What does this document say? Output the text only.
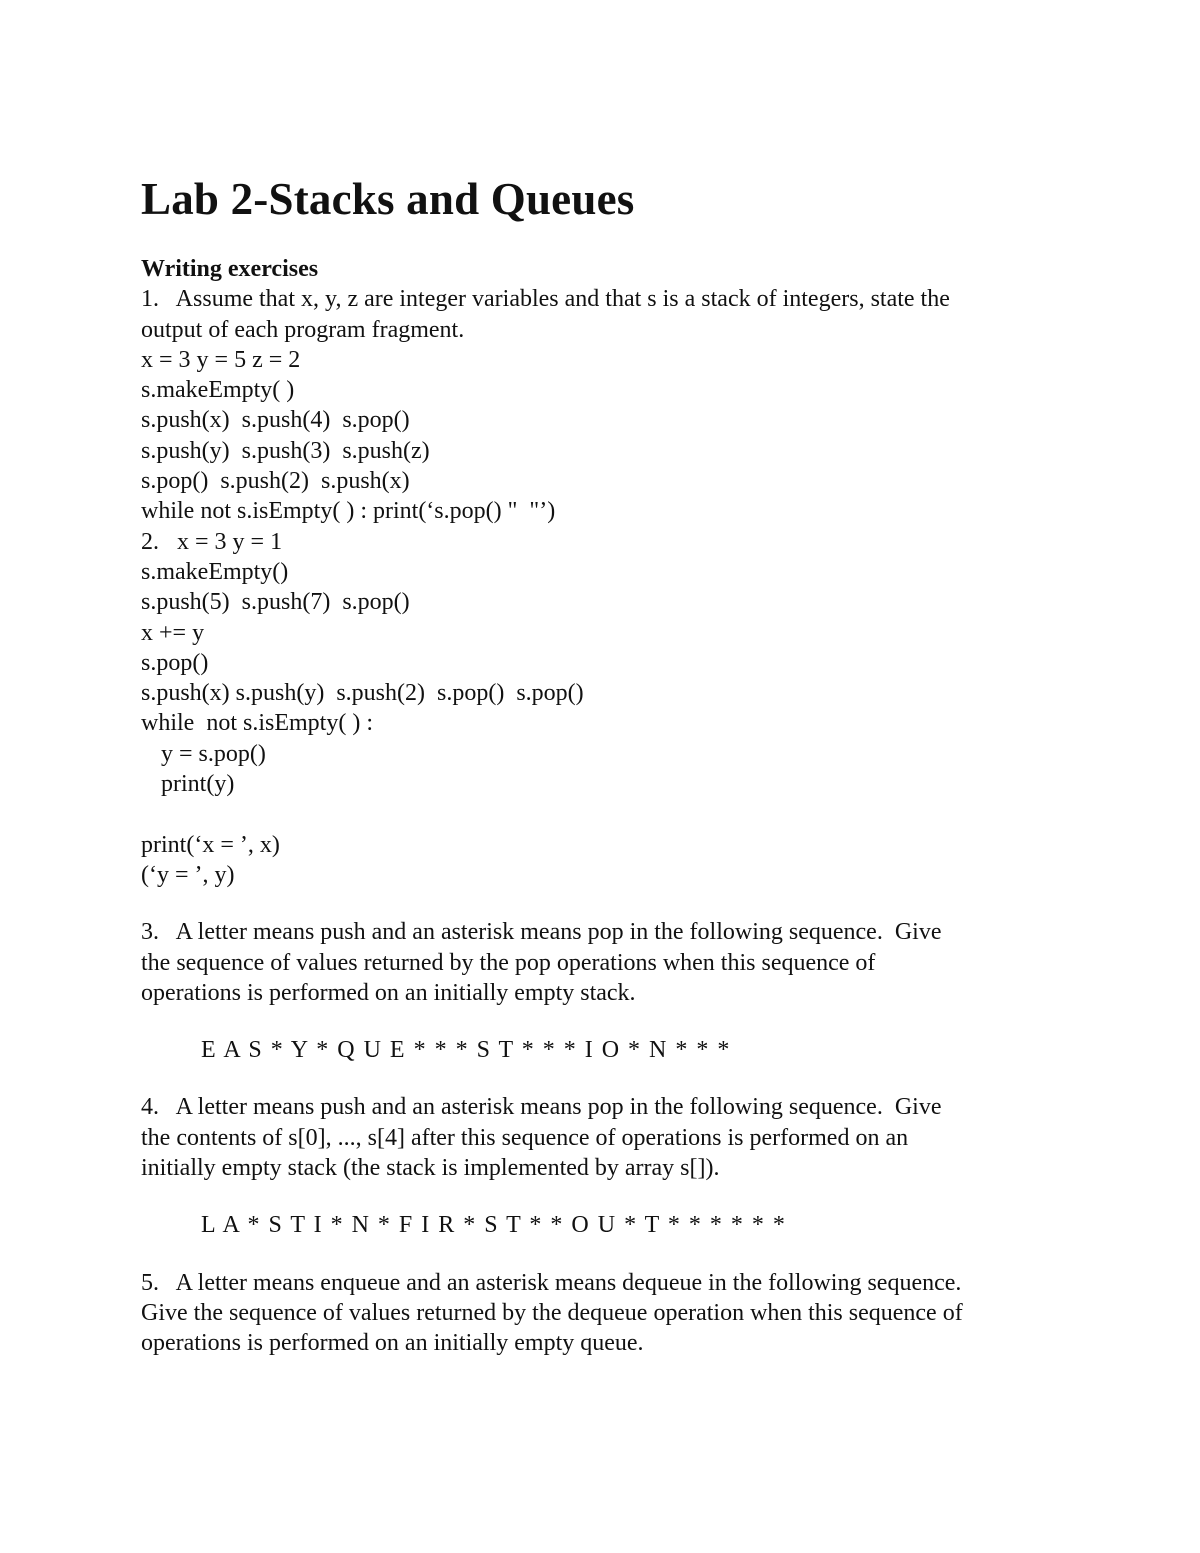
Lab 2-Stacks and Queues
Writing exercises
1.   Assume that x, y, z are integer variables and that s is a stack of integers, state the
output of each program fragment.
x = 3 y = 5 z = 2
s.makeEmpty( )
s.push(x)  s.push(4)  s.pop()
s.push(y)  s.push(3)  s.push(z)
s.pop()  s.push(2)  s.push(x)
while not s.isEmpty( ) : print(‘s.pop() "  "’)
2.   x = 3 y = 1
s.makeEmpty()
s.push(5)  s.push(7)  s.pop()
x += y
s.pop()
s.push(x) s.push(y)  s.push(2)  s.pop()  s.pop()
while  not s.isEmpty( ) :
y = s.pop()
print(y)
print(‘x = ’, x)
(‘y = ’, y)
3.   A letter means push and an asterisk means pop in the following sequence.  Give
the sequence of values returned by the pop operations when this sequence of
operations is performed on an initially empty stack.
E A S * Y * Q U E * * * S T * * * I O * N * * *
4.   A letter means push and an asterisk means pop in the following sequence.  Give
the contents of s[0], ..., s[4] after this sequence of operations is performed on an
initially empty stack (the stack is implemented by array s[]).
L A * S T I * N * F I R * S T * * O U * T * * * * * *
5.   A letter means enqueue and an asterisk means dequeue in the following sequence.
Give the sequence of values returned by the dequeue operation when this sequence of
operations is performed on an initially empty queue.
